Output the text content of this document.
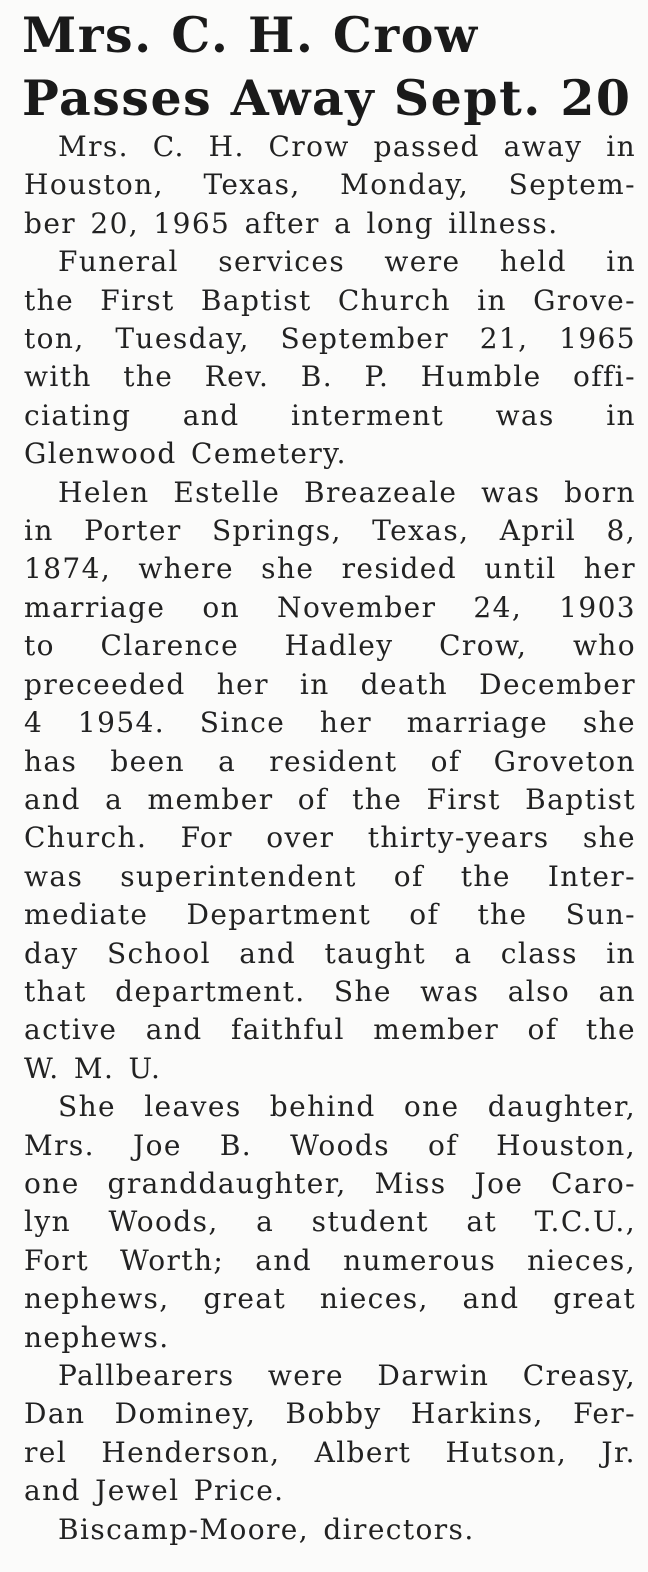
Mrs. C. H. Crow
Passes Away Sept. 20

Mrs. C. H. Crow passed away in
Houston, Texas, Monday, Septem-
ber 20, 1965 after a long illness.

Funeral services were held in
the First Baptist Church in Grove-
ton, Tuesday, September 21, 1965
with the Rev. B. P. Humble offi-
ciating and interment was in
Glenwood Cemetery.

Helen Estelle Breazeale was born
in Porter Springs, Texas, April 8,
1874, where she resided until her
marriage on November 24, 1903
to Clarence Hadley Crow, who
preceeded her in death December
4 1954. Since her marriage she
has been a resident of Groveton
and a member of the First Baptist
Church. For over thirty-years she
was superintendent of the Inter-
mediate Department of the Sun-
day School and taught a class in
that department. She was also an
active and faithful member of the
W. M. U.

She leaves behind one daughter,
Mrs. Joe B. Woods of Houston,
one granddaughter, Miss Joe Caro-
lyn Woods, a student at T.C.U.,
Fort Worth; and numerous nieces,
nephews, great nieces, and great
nephews.

Pallbearers were Darwin Creasy,
Dan Dominey, Bobby Harkins, Fer-
rel Henderson, Albert Hutson, Jr.
and Jewel Price.

Biscamp-Moore, directors.
